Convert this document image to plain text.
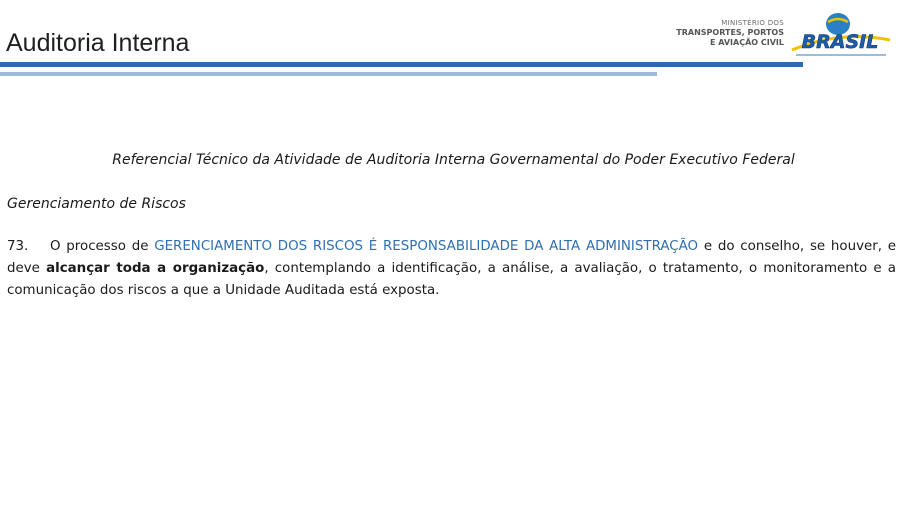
Auditoria Interna
MINISTÉRIO DOS
TRANSPORTES, PORTOS
E AVIAÇÃO CIVIL BRASIL
Referencial Técnico da Atividade de Auditoria Interna Governamental do Poder Executivo Federal
Gerenciamento de Riscos
73. O processo de GERENCIAMENTO DOS RISCOS É RESPONSABILIDADE DA ALTA ADMINISTRAÇÃO e do conselho, se houver, e deve alcançar toda a organização, contemplando a identificação, a análise, a avaliação, o tratamento, o monitoramento e a comunicação dos riscos a que a Unidade Auditada está exposta.
